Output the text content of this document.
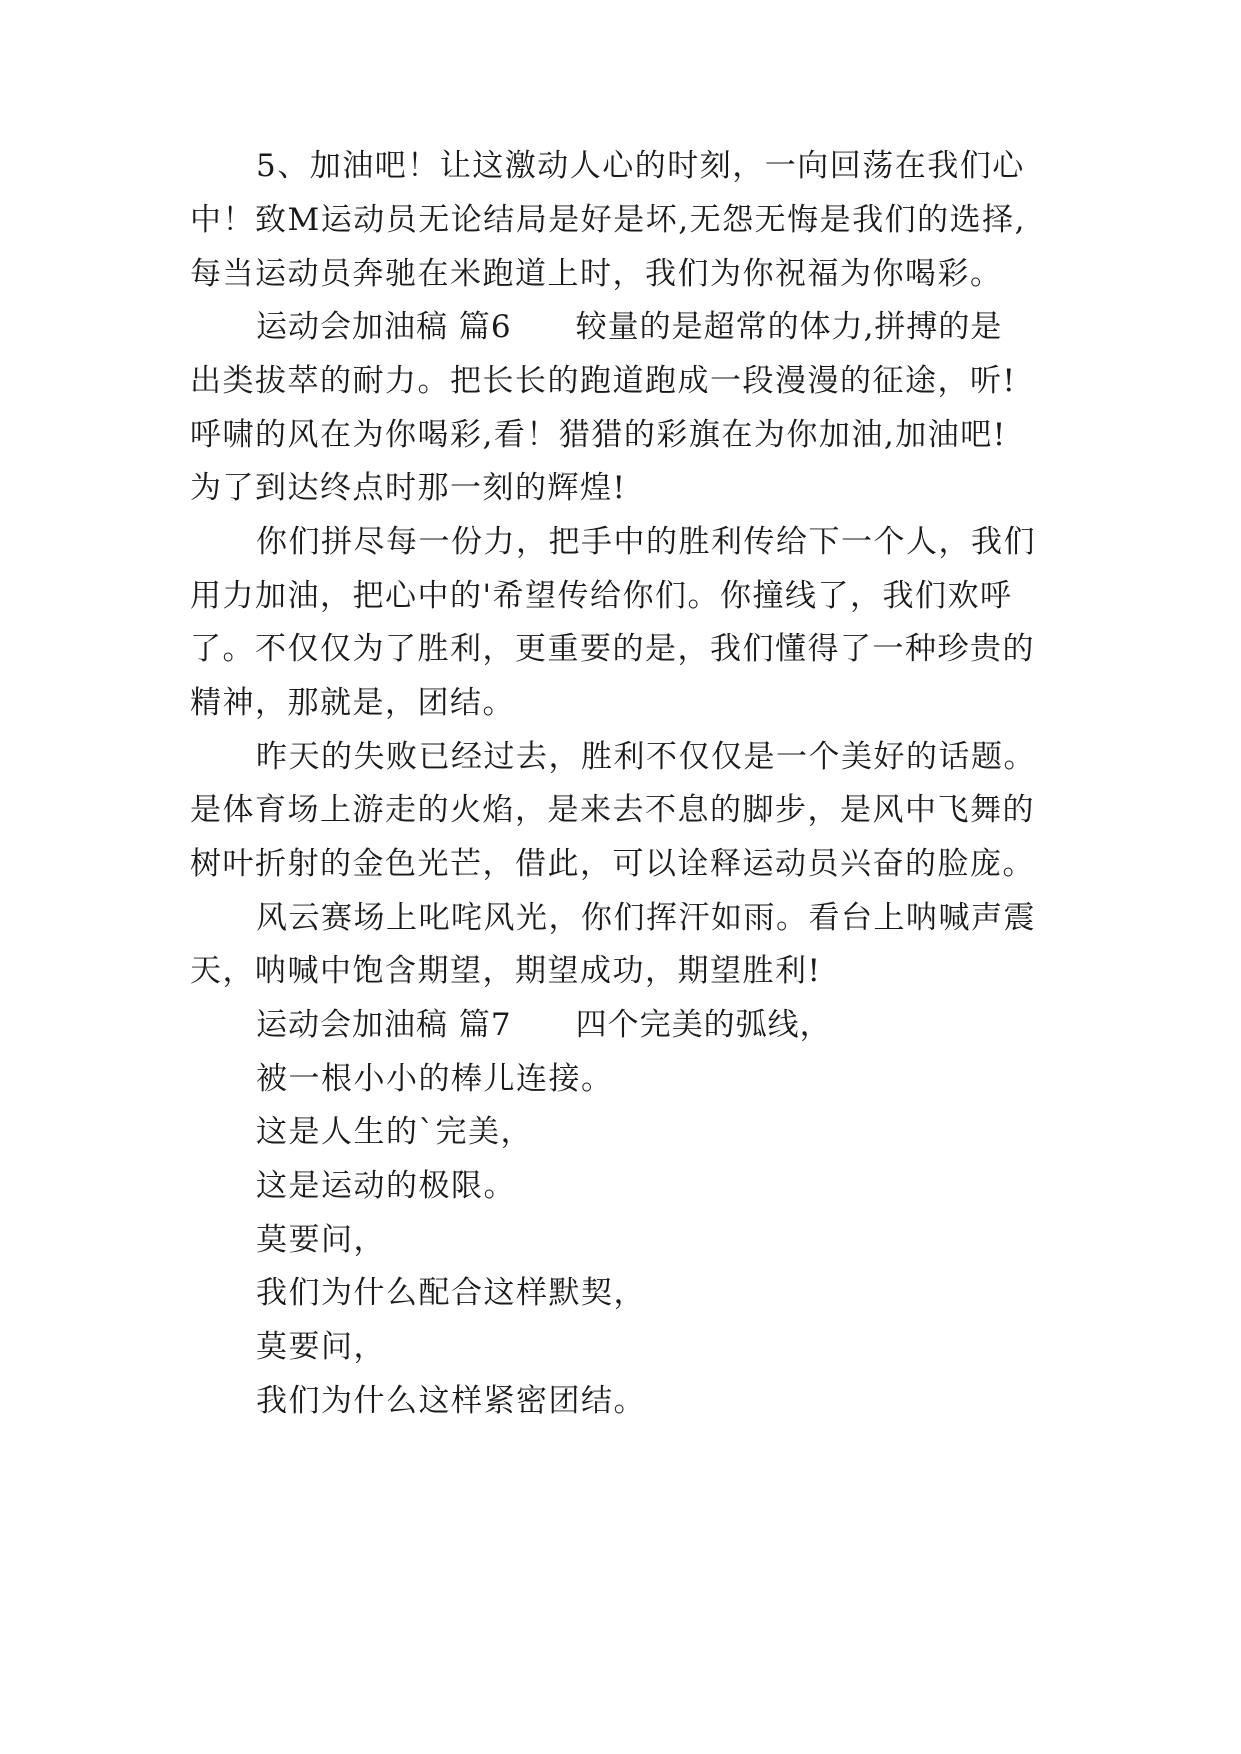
5、加油吧！让这激动人心的时刻，一向回荡在我们心
中！致M运动员无论结局是好是坏,无怨无悔是我们的选择,
每当运动员奔驰在米跑道上时，我们为你祝福为你喝彩。
运动会加油稿 篇6　　较量的是超常的体力,拼搏的是
出类拔萃的耐力。把长长的跑道跑成一段漫漫的征途，听!
呼啸的风在为你喝彩,看！猎猎的彩旗在为你加油,加油吧!
为了到达终点时那一刻的辉煌!
你们拼尽每一份力，把手中的胜利传给下一个人，我们
用力加油，把心中的'希望传给你们。你撞线了，我们欢呼
了。不仅仅为了胜利，更重要的是，我们懂得了一种珍贵的
精神，那就是，团结。
昨天的失败已经过去，胜利不仅仅是一个美好的话题。
是体育场上游走的火焰，是来去不息的脚步，是风中飞舞的
树叶折射的金色光芒，借此，可以诠释运动员兴奋的脸庞。
风云赛场上叱咤风光，你们挥汗如雨。看台上呐喊声震
天，呐喊中饱含期望，期望成功，期望胜利!
运动会加油稿 篇7　　四个完美的弧线，
被一根小小的棒儿连接。
这是人生的`完美，
这是运动的极限。
莫要问，
我们为什么配合这样默契，
莫要问，
我们为什么这样紧密团结。
